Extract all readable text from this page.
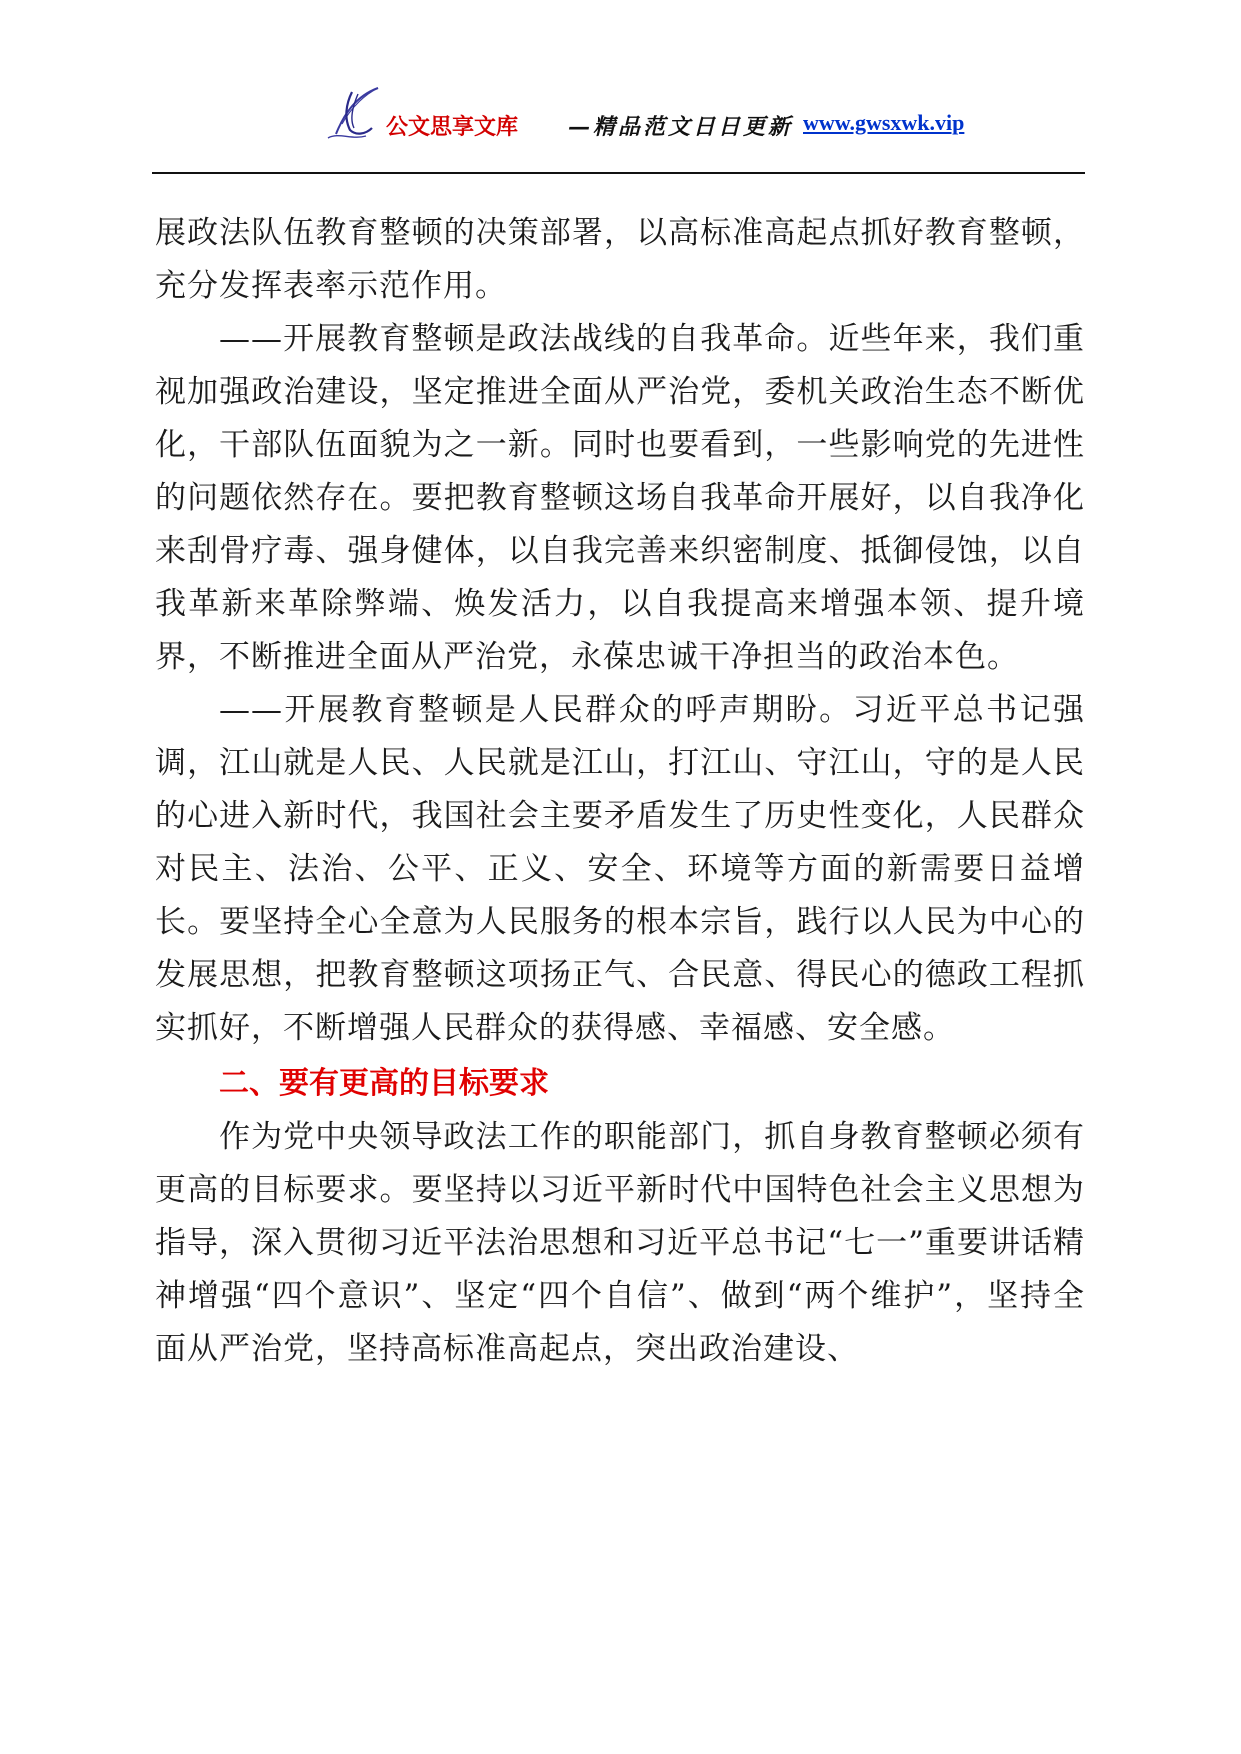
公文思享文库 —精品范文日日更新 www.gwsxwk.vip

展政法队伍教育整顿的决策部署，以高标准高起点抓好教育整顿，充分发挥表率示范作用。

——开展教育整顿是政法战线的自我革命。近些年来，我们重视加强政治建设，坚定推进全面从严治党，委机关政治生态不断优化，干部队伍面貌为之一新。同时也要看到，一些影响党的先进性的问题依然存在。要把教育整顿这场自我革命开展好，以自我净化来刮骨疗毒、强身健体，以自我完善来织密制度、抵御侵蚀，以自我革新来革除弊端、焕发活力，以自我提高来增强本领、提升境界，不断推进全面从严治党，永葆忠诚干净担当的政治本色。

——开展教育整顿是人民群众的呼声期盼。习近平总书记强调，江山就是人民、人民就是江山，打江山、守江山，守的是人民的心进入新时代，我国社会主要矛盾发生了历史性变化，人民群众对民主、法治、公平、正义、安全、环境等方面的新需要日益增长。要坚持全心全意为人民服务的根本宗旨，践行以人民为中心的发展思想，把教育整顿这项扬正气、合民意、得民心的德政工程抓实抓好，不断增强人民群众的获得感、幸福感、安全感。

二、要有更高的目标要求

作为党中央领导政法工作的职能部门，抓自身教育整顿必须有更高的目标要求。要坚持以习近平新时代中国特色社会主义思想为指导，深入贯彻习近平法治思想和习近平总书记“七一”重要讲话精神增强“四个意识”、坚定“四个自信”、做到“两个维护”，坚持全面从严治党，坚持高标准高起点，突出政治建设、
